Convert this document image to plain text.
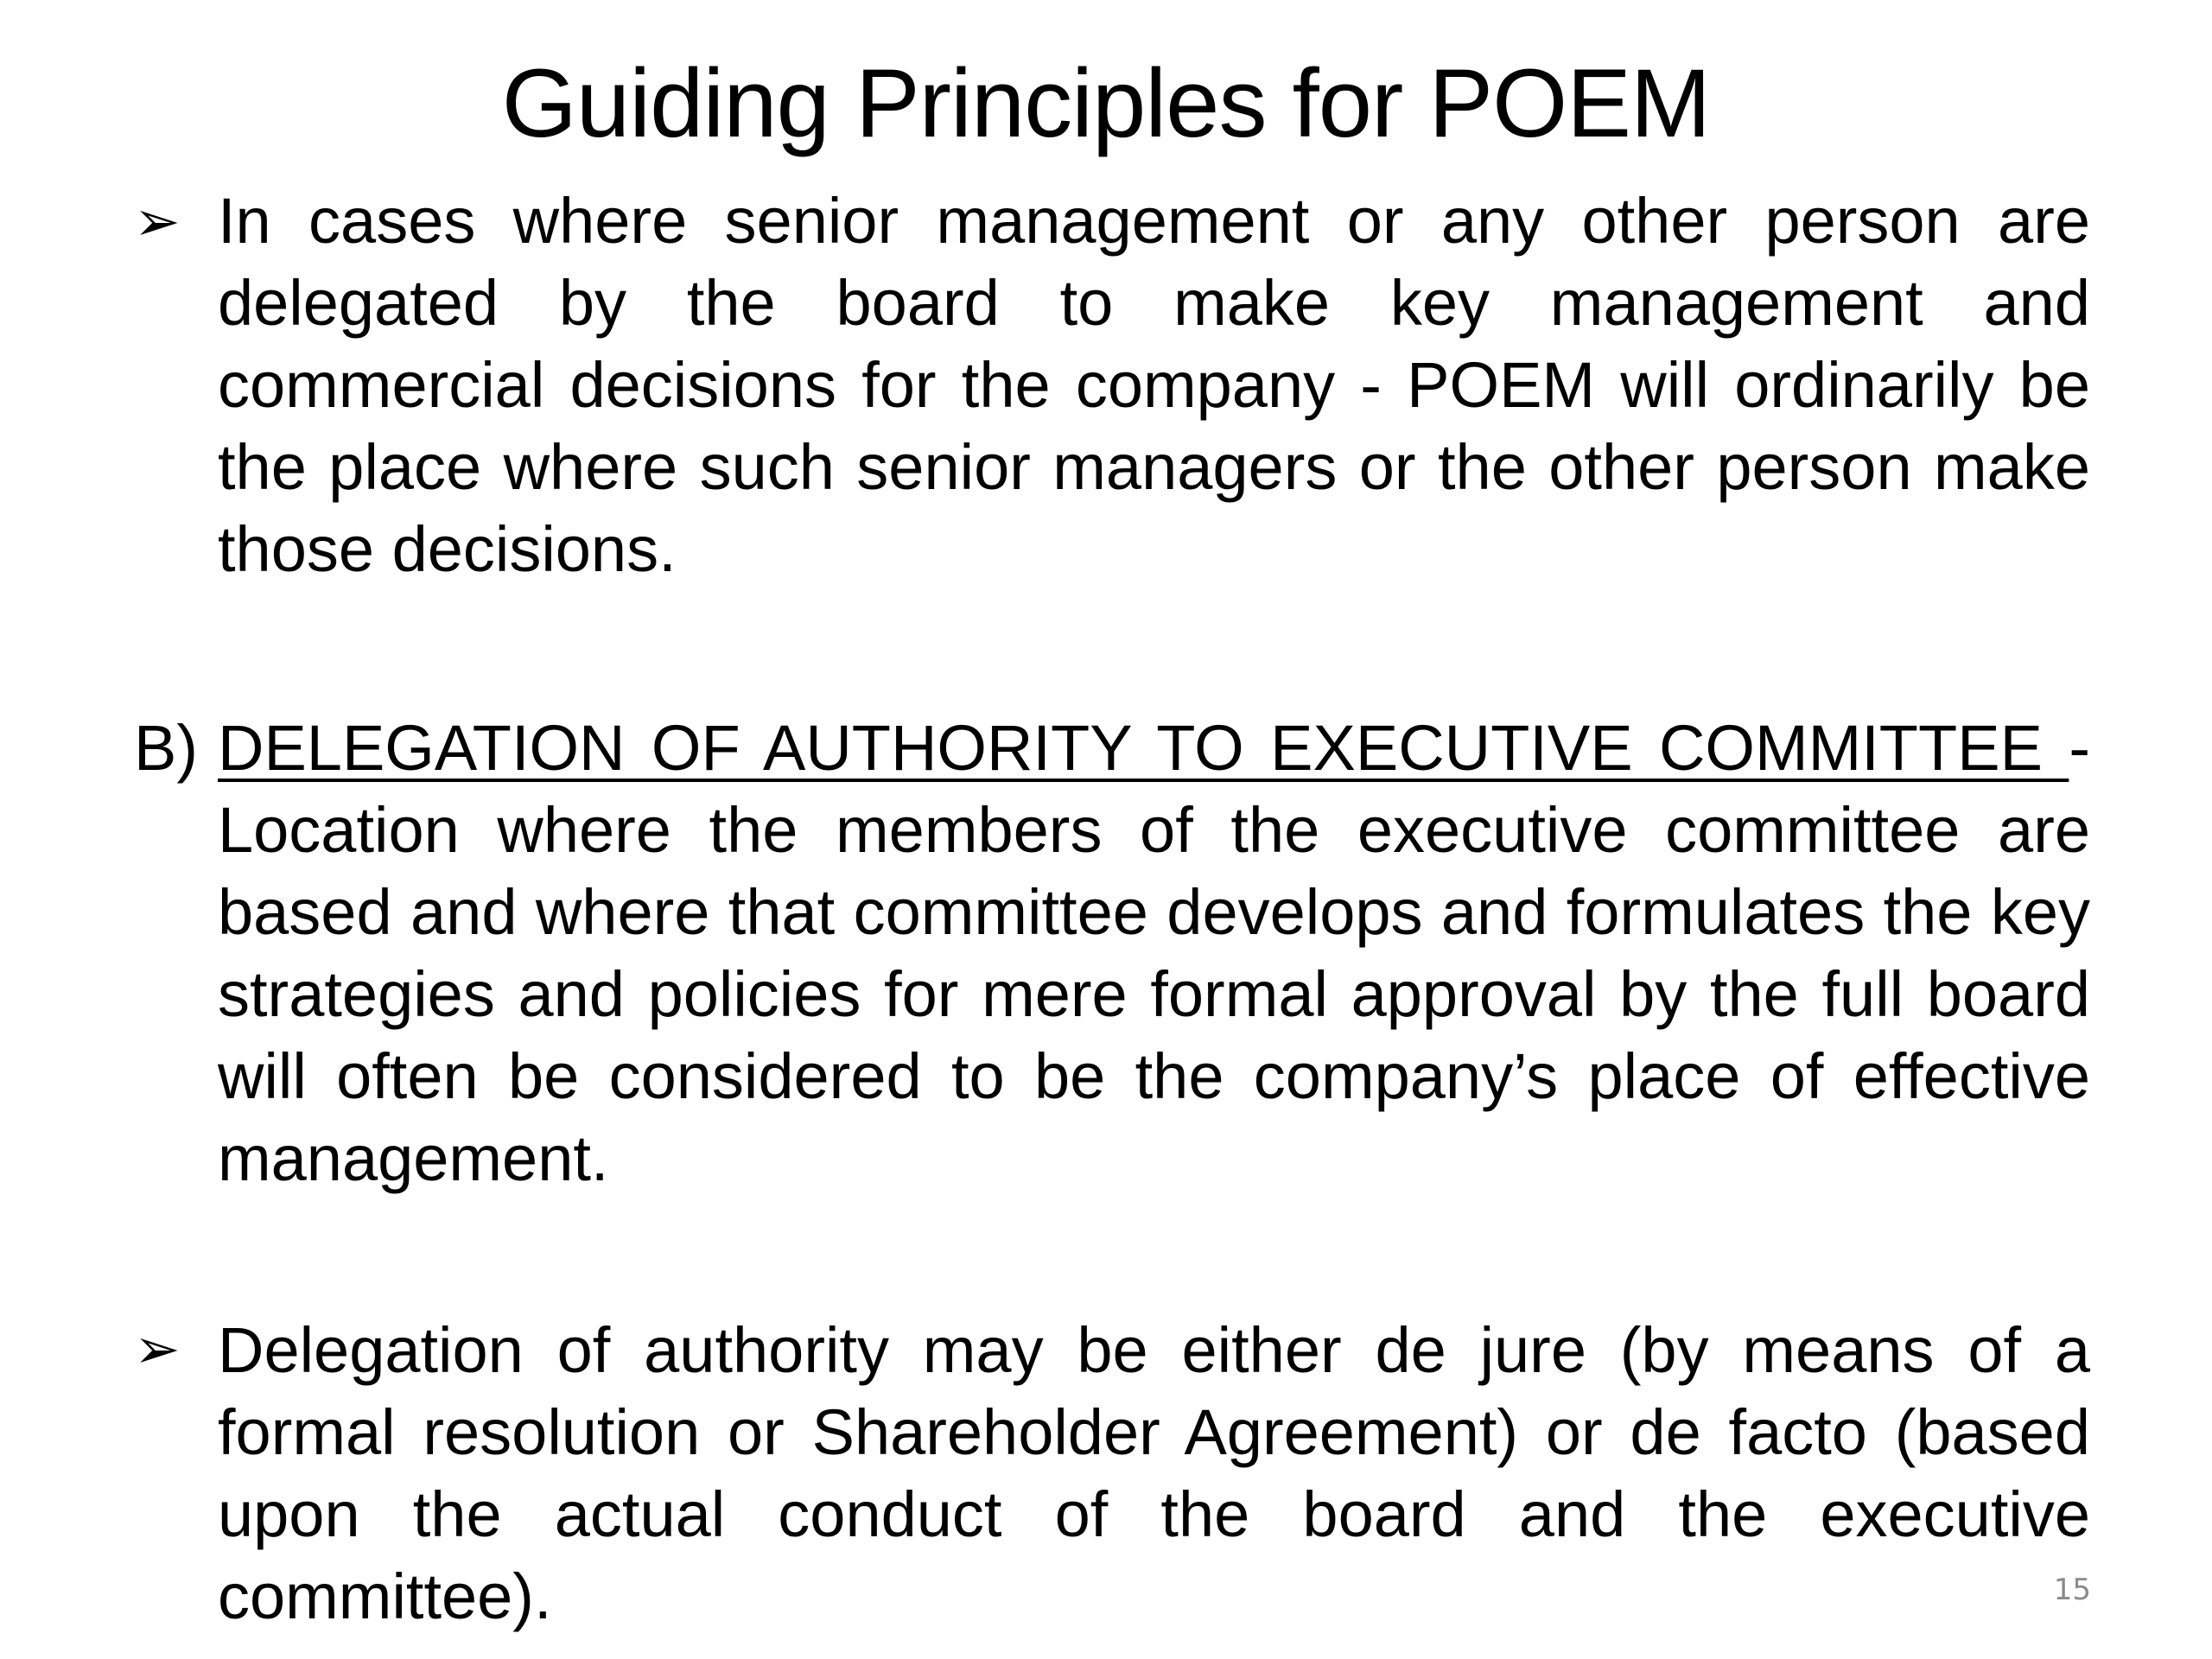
Guiding Principles for POEM
➢ In cases where senior management or any other person are delegated by the board to make key management and commercial decisions for the company - POEM will ordinarily be the place where such senior managers or the other person make those decisions.

B) DELEGATION OF AUTHORITY TO EXECUTIVE COMMITTEE - Location where the members of the executive committee are based and where that committee develops and formulates the key strategies and policies for mere formal approval by the full board will often be considered to be the company’s place of effective management.

➢ Delegation of authority may be either de jure (by means of a formal resolution or Shareholder Agreement) or de facto (based upon the actual conduct of the board and the executive committee).	15
